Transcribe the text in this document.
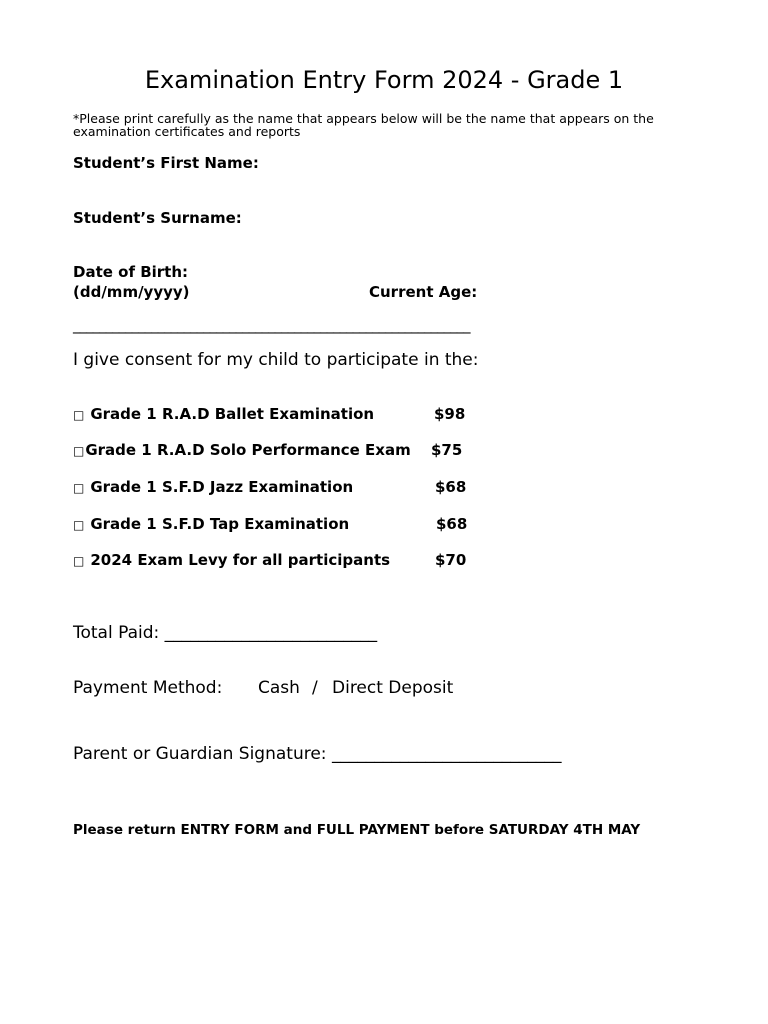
Examination Entry Form 2024 - Grade 1
*Please print carefully as the name that appears below will be the name that appears on the examination certificates and reports
Student’s First Name:
Student’s Surname:
Date of Birth:
(dd/mm/yyyy)	Current Age:
_____________________________________________________________
I give consent for my child to participate in the:
□ Grade 1 R.A.D Ballet Examination	$98
□Grade 1 R.A.D Solo Performance Exam $75
□ Grade 1 S.F.D Jazz Examination	$68
□ Grade 1 S.F.D Tap Examination	$68
□ 2024 Exam Levy for all participants	$70
Total Paid: _________________________
Payment Method: Cash / Direct Deposit
Parent or Guardian Signature: ___________________________
Please return ENTRY FORM and FULL PAYMENT before SATURDAY 4TH MAY
